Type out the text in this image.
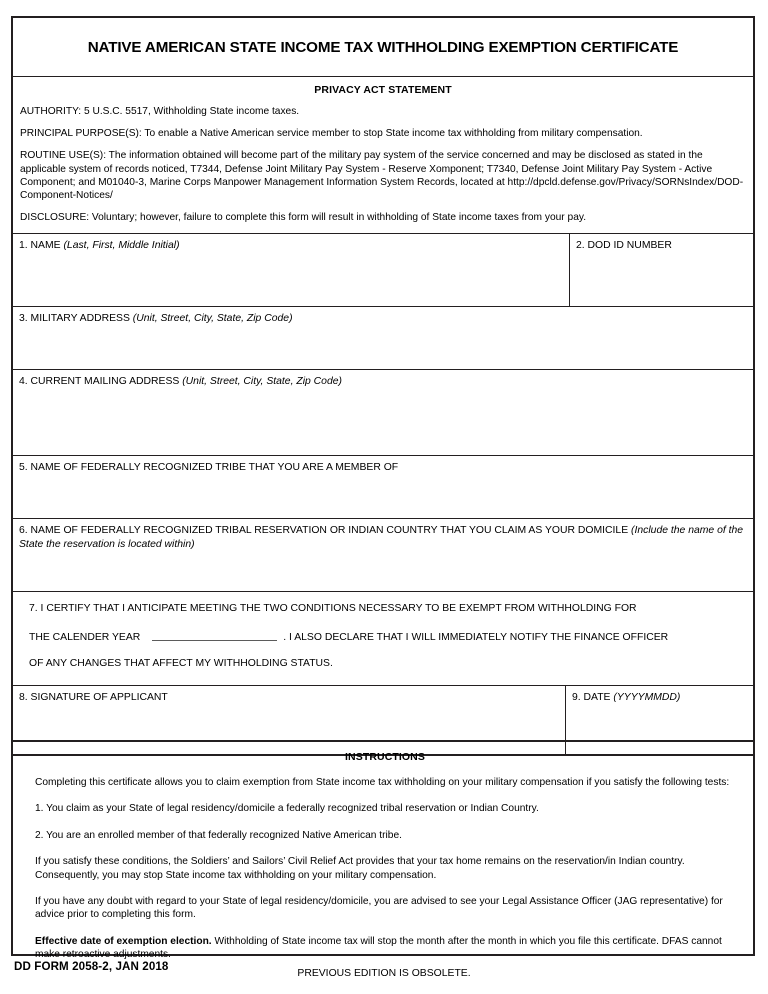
NATIVE AMERICAN STATE INCOME TAX WITHHOLDING EXEMPTION CERTIFICATE
PRIVACY ACT STATEMENT

AUTHORITY: 5 U.S.C. 5517, Withholding State income taxes.

PRINCIPAL PURPOSE(S): To enable a Native American service member to stop State income tax withholding from military compensation.

ROUTINE USE(S): The information obtained will become part of the military pay system of the service concerned and may be disclosed as stated in the applicable system of records noticed, T7344, Defense Joint Military Pay System - Reserve Xomponent; T7340, Defense Joint Military Pay System - Active Component; and M01040-3, Marine Corps Manpower Management Information System Records, located at http://dpcld.defense.gov/Privacy/SORNsIndex/DOD-Component-Notices/

DISCLOSURE: Voluntary; however, failure to complete this form will result in withholding of State income taxes from your pay.

1. NAME (Last, First, Middle Initial)	2. DOD ID NUMBER
3. MILITARY ADDRESS (Unit, Street, City, State, Zip Code)
4. CURRENT MAILING ADDRESS (Unit, Street, City, State, Zip Code)
5. NAME OF FEDERALLY RECOGNIZED TRIBE THAT YOU ARE A MEMBER OF
6. NAME OF FEDERALLY RECOGNIZED TRIBAL RESERVATION OR INDIAN COUNTRY THAT YOU CLAIM AS YOUR DOMICILE (Include the name of the State the reservation is located within)
7. I CERTIFY THAT I ANTICIPATE MEETING THE TWO CONDITIONS NECESSARY TO BE EXEMPT FROM WITHHOLDING FOR
THE CALENDER YEAR	. I ALSO DECLARE THAT I WILL IMMEDIATELY NOTIFY THE FINANCE OFFICER
OF ANY CHANGES THAT AFFECT MY WITHHOLDING STATUS.
8. SIGNATURE OF APPLICANT	9. DATE (YYYYMMDD)
INSTRUCTIONS

Completing this certificate allows you to claim exemption from State income tax withholding on your military compensation if you satisfy the following tests:

1. You claim as your State of legal residency/domicile a federally recognized tribal reservation or Indian Country.

2. You are an enrolled member of that federally recognized Native American tribe.

If you satisfy these conditions, the Soldiers’ and Sailors’ Civil Relief Act provides that your tax home remains on the reservation/in Indian country. Consequently, you may stop State income tax withholding on your military compensation.

If you have any doubt with regard to your State of legal residency/domicile, you are advised to see your Legal Assistance Officer (JAG representative) for advice prior to completing this form.

Effective date of exemption election. Withholding of State income tax will stop the month after the month in which you file this certificate. DFAS cannot make retroactive adjustments.

DD FORM 2058-2, JAN 2018
PREVIOUS EDITION IS OBSOLETE.
